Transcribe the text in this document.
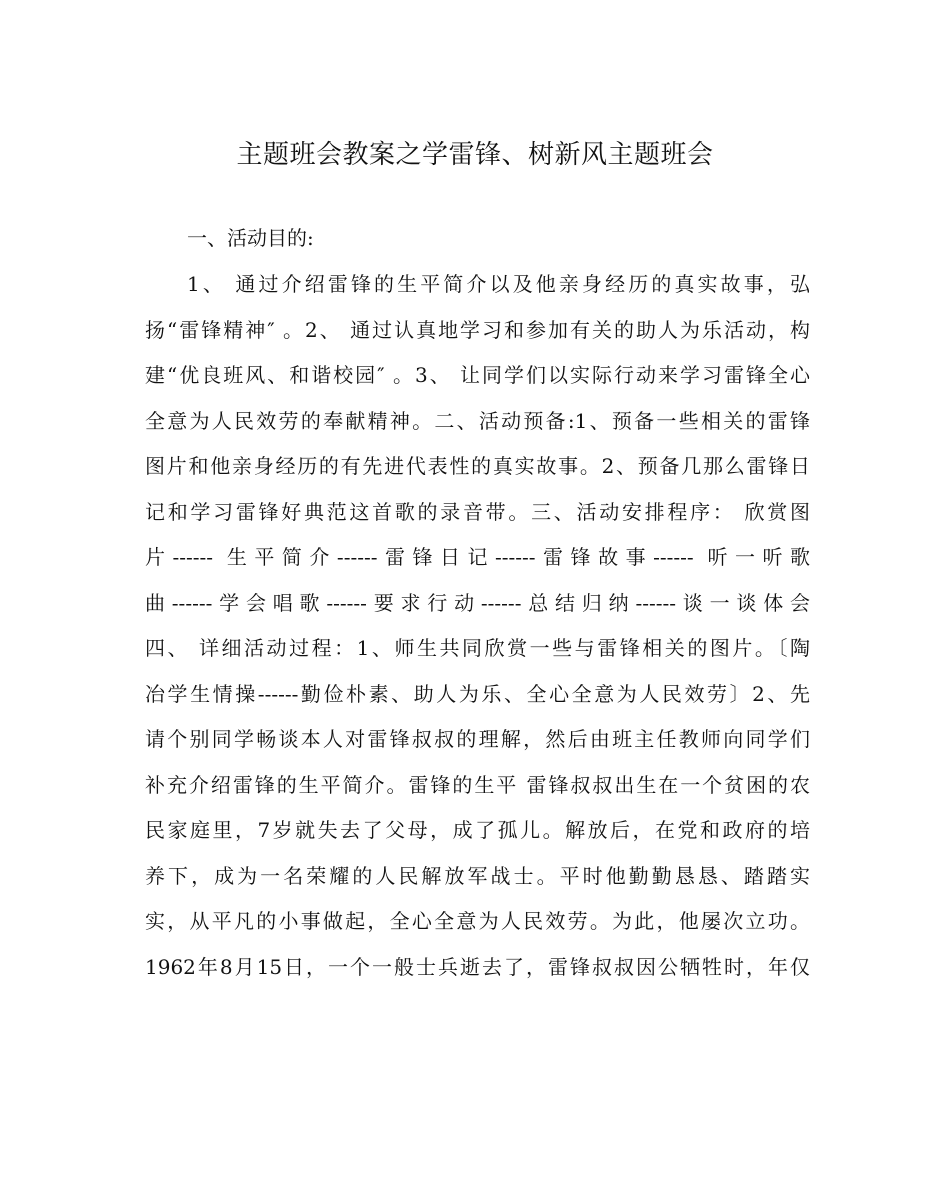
主题班会教案之学雷锋、树新风主题班会
一、活动目的:
1、 通过介绍雷锋的生平简介以及他亲身经历的真实故事，弘
扬“雷锋精神″ 。2、 通过认真地学习和参加有关的助人为乐活动，构
建“优良班风、和谐校园″ 。3、 让同学们以实际行动来学习雷锋全心
全意为人民效劳的奉献精神。二、活动预备:1、预备一些相关的雷锋
图片和他亲身经历的有先进代表性的真实故事。2、预备几那么雷锋日
记和学习雷锋好典范这首歌的录音带。三、活动安排程序： 欣赏图
片------ 生平简介------雷锋日记------雷锋故事------ 听一听歌
曲------学会唱歌------要求行动------总结归纳------谈一谈体会
四、 详细活动过程：1、师生共同欣赏一些与雷锋相关的图片。〔陶
冶学生情操------勤俭朴素、助人为乐、全心全意为人民效劳〕2、先
请个别同学畅谈本人对雷锋叔叔的理解，然后由班主任教师向同学们
补充介绍雷锋的生平简介。雷锋的生平 雷锋叔叔出生在一个贫困的农
民家庭里，7岁就失去了父母，成了孤儿。解放后，在党和政府的培
养下，成为一名荣耀的人民解放军战士。平时他勤勤恳恳、踏踏实
实，从平凡的小事做起，全心全意为人民效劳。为此，他屡次立功。
1962年8月15日，一个一般士兵逝去了，雷锋叔叔因公牺牲时，年仅
